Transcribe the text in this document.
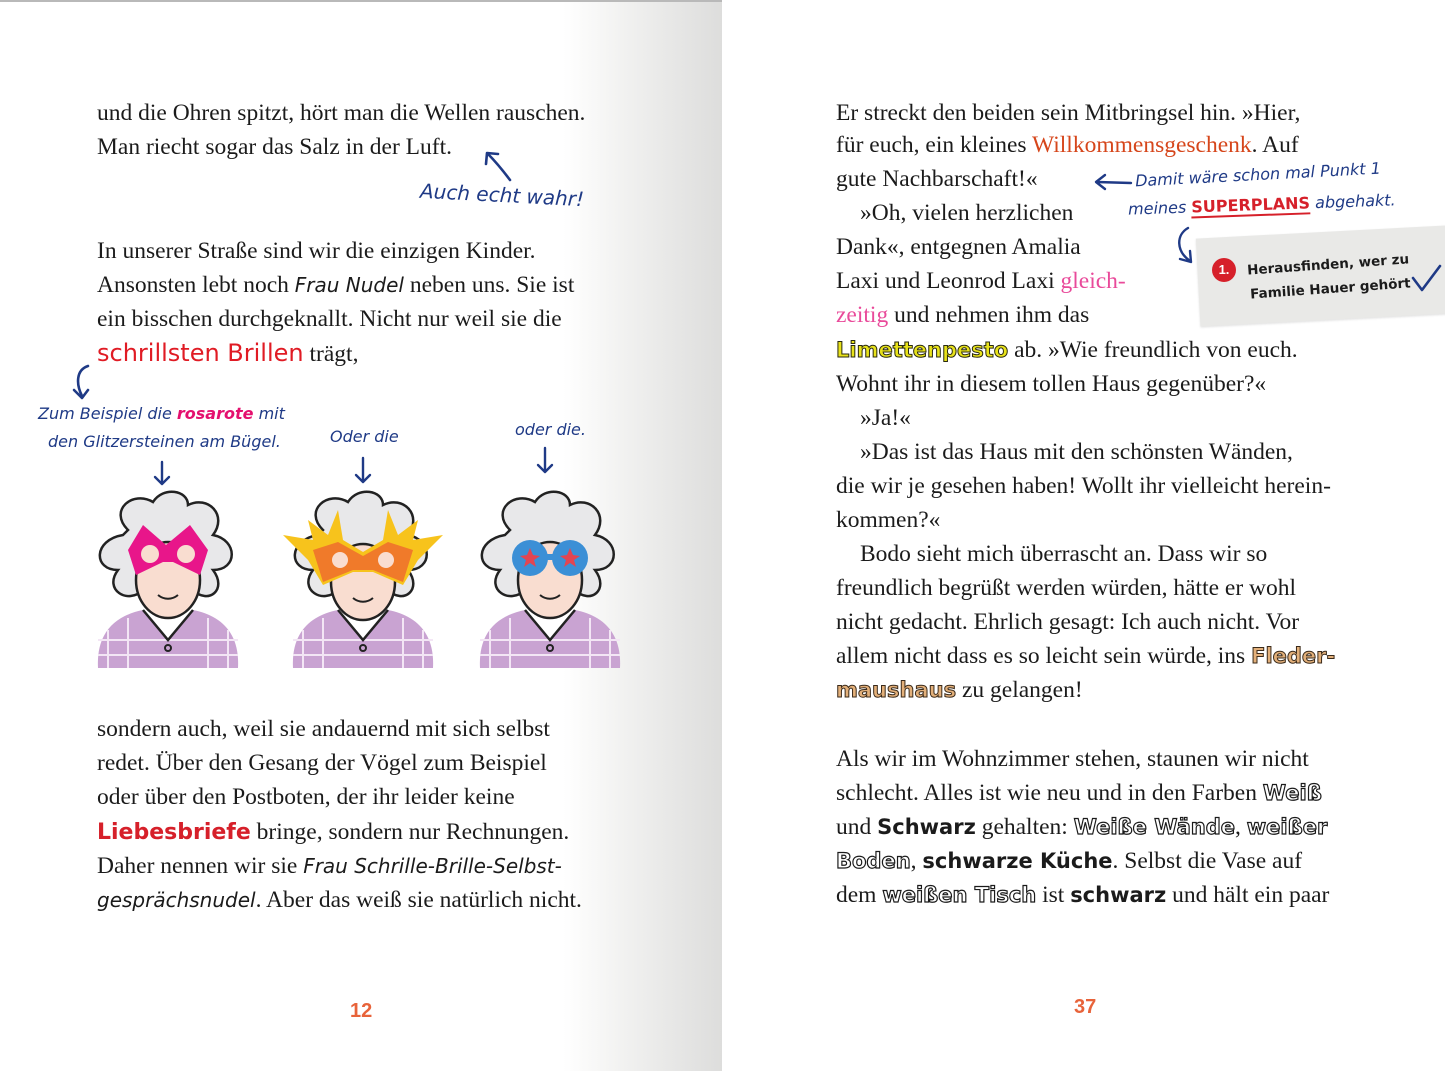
und die Ohren spitzt, hört man die Wellen rauschen.
Man riecht sogar das Salz in der Luft.
Auch echt wahr!
In unserer Straße sind wir die einzigen Kinder.
Ansonsten lebt noch Frau Nudel neben uns. Sie ist
ein bisschen durchgeknallt. Nicht nur weil sie die
schrillsten Brillen trägt,
Zum Beispiel die rosarote mit
den Glitzersteinen am Bügel.	Oder die	oder die.
sondern auch, weil sie andauernd mit sich selbst
redet. Über den Gesang der Vögel zum Beispiel
oder über den Postboten, der ihr leider keine
Liebesbriefe bringe, sondern nur Rechnungen.
Daher nennen wir sie Frau Schrille-Brille-Selbst-
gesprächsnudel. Aber das weiß sie natürlich nicht.
12
Er streckt den beiden sein Mitbringsel hin. »Hier,
für euch, ein kleines Willkommensgeschenk. Auf
gute Nachbarschaft!«	Damit wäre schon mal Punkt 1
meines SUPERPLANS abgehakt.
»Oh, vielen herzlichen
Dank«, entgegnen Amalia
Laxi und Leonrod Laxi gleich-
zeitig und nehmen ihm das
1.	Herausfinden, wer zu
Familie Hauer gehört
Limettenpesto ab. »Wie freundlich von euch.
Wohnt ihr in diesem tollen Haus gegenüber?«
»Ja!«
»Das ist das Haus mit den schönsten Wänden,
die wir je gesehen haben! Wollt ihr vielleicht herein-
kommen?«
Bodo sieht mich überrascht an. Dass wir so
freundlich begrüßt werden würden, hätte er wohl
nicht gedacht. Ehrlich gesagt: Ich auch nicht. Vor
allem nicht dass es so leicht sein würde, ins Fleder-
maushaus zu gelangen!
Als wir im Wohnzimmer stehen, staunen wir nicht
schlecht. Alles ist wie neu und in den Farben Weiß
und Schwarz gehalten: Weiße Wände, weißer
Boden, schwarze Küche. Selbst die Vase auf
dem weißen Tisch ist schwarz und hält ein paar
37
